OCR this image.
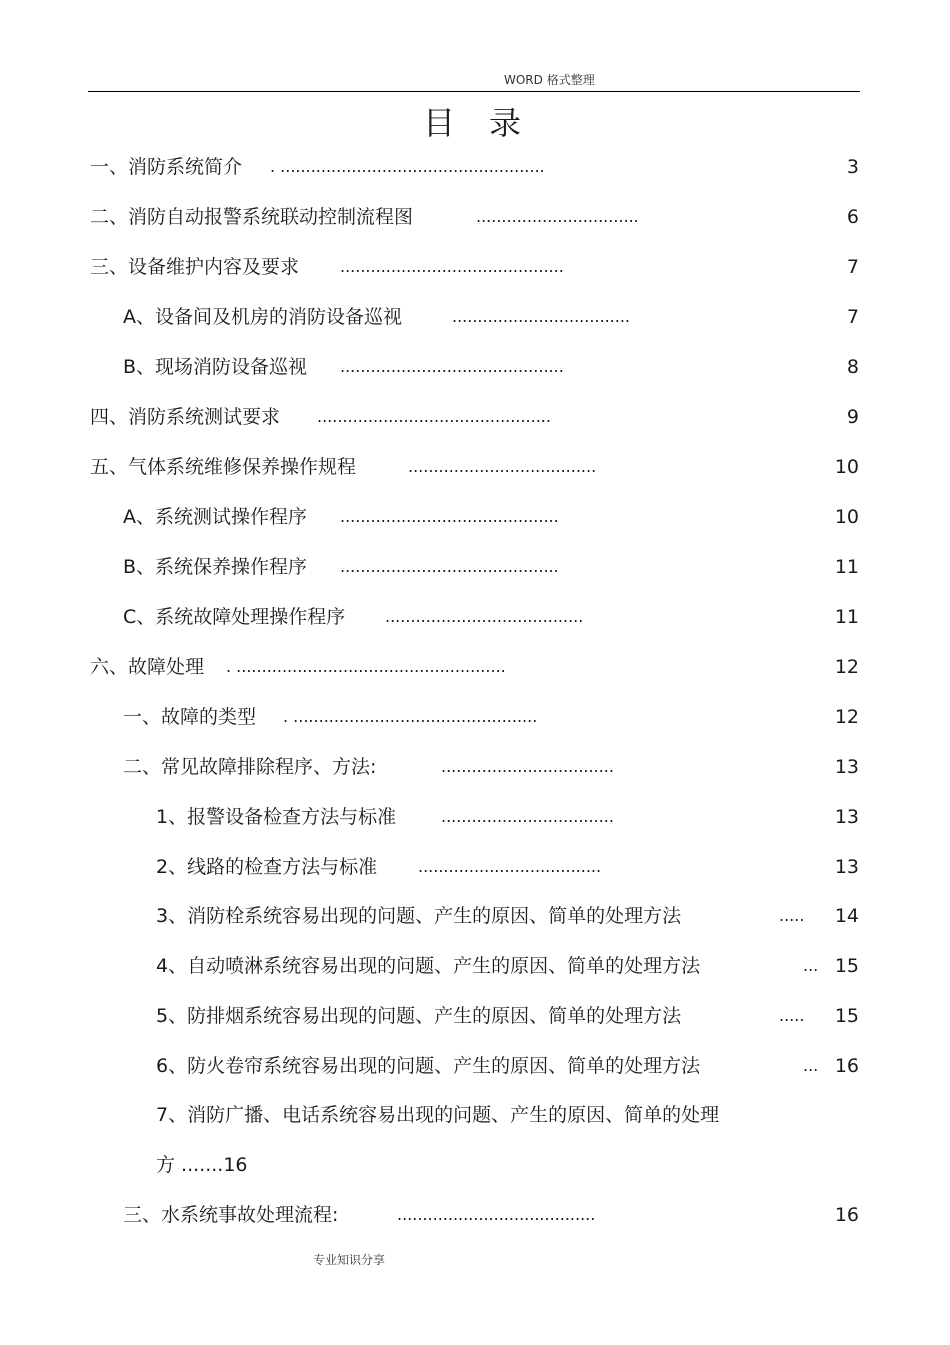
WORD 格式整理
目录
一、消防系统简介 . ....................................................	3
二、消防自动报警系统联动控制流程图	................................	6
三、设备维护内容及要求	............................................	7
A、设备间及机房的消防设备巡视	...................................	7
B、现场消防设备巡视 ............................................	8
四、消防系统测试要求 ..............................................	9
五、气体系统维修保养操作规程	.....................................	10
A、系统测试操作程序 ...........................................	10
B、系统保养操作程序 ...........................................	11
C、系统故障处理操作程序 .......................................	11
六、故障处理 . .....................................................	12
一、故障的类型 . ................................................	12
二、常见故障排除程序、方法:	..................................	13
1、报警设备检查方法与标准	..................................	13
2、线路的检查方法与标准	....................................	13
3、消防栓系统容易出现的问题、产生的原因、简单的处理方法	..... 14
4、自动喷淋系统容易出现的问题、产生的原因、简单的处理方法	... 15
5、防排烟系统容易出现的问题、产生的原因、简单的处理方法	..... 15
6、防火卷帘系统容易出现的问题、产生的原因、简单的处理方法	... 16
7、消防广播、电话系统容易出现的问题、产生的原因、简单的处理
方 .......16
三、水系统事故处理流程:	.......................................	16
专业知识分享
